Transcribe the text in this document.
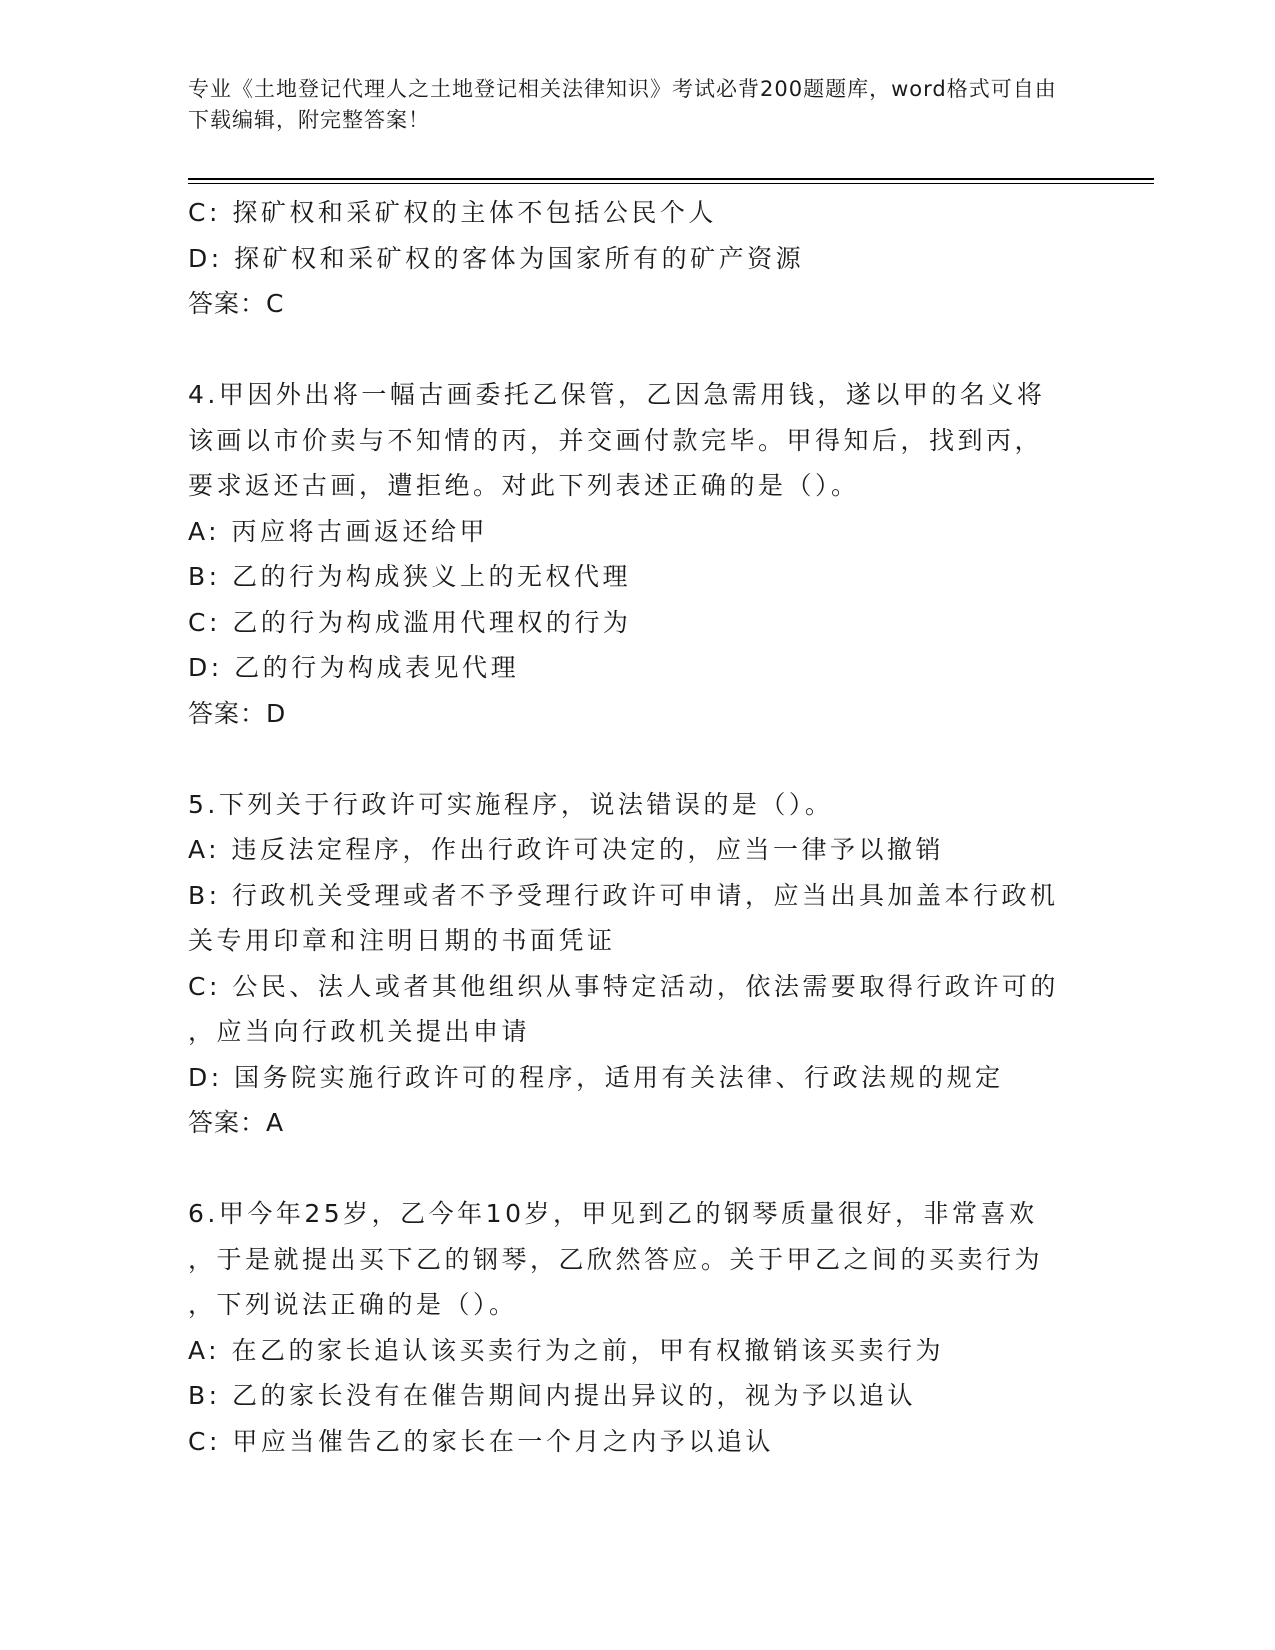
专业《土地登记代理人之土地登记相关法律知识》考试必背200题题库，word格式可自由下载编辑，附完整答案！
C: 探矿权和采矿权的主体不包括公民个人
D: 探矿权和采矿权的客体为国家所有的矿产资源
答案：C
4.甲因外出将一幅古画委托乙保管，乙因急需用钱，遂以甲的名义将
该画以市价卖与不知情的丙，并交画付款完毕。甲得知后，找到丙，
要求返还古画，遭拒绝。对此下列表述正确的是（）。
A: 丙应将古画返还给甲
B: 乙的行为构成狭义上的无权代理
C: 乙的行为构成滥用代理权的行为
D: 乙的行为构成表见代理
答案：D
5.下列关于行政许可实施程序，说法错误的是（）。
A: 违反法定程序，作出行政许可决定的，应当一律予以撤销
B: 行政机关受理或者不予受理行政许可申请，应当出具加盖本行政机
关专用印章和注明日期的书面凭证
C: 公民、法人或者其他组织从事特定活动，依法需要取得行政许可的
，应当向行政机关提出申请
D: 国务院实施行政许可的程序，适用有关法律、行政法规的规定
答案：A
6.甲今年25岁，乙今年10岁，甲见到乙的钢琴质量很好，非常喜欢
，于是就提出买下乙的钢琴，乙欣然答应。关于甲乙之间的买卖行为
，下列说法正确的是（）。
A: 在乙的家长追认该买卖行为之前，甲有权撤销该买卖行为
B: 乙的家长没有在催告期间内提出异议的，视为予以追认
C: 甲应当催告乙的家长在一个月之内予以追认
